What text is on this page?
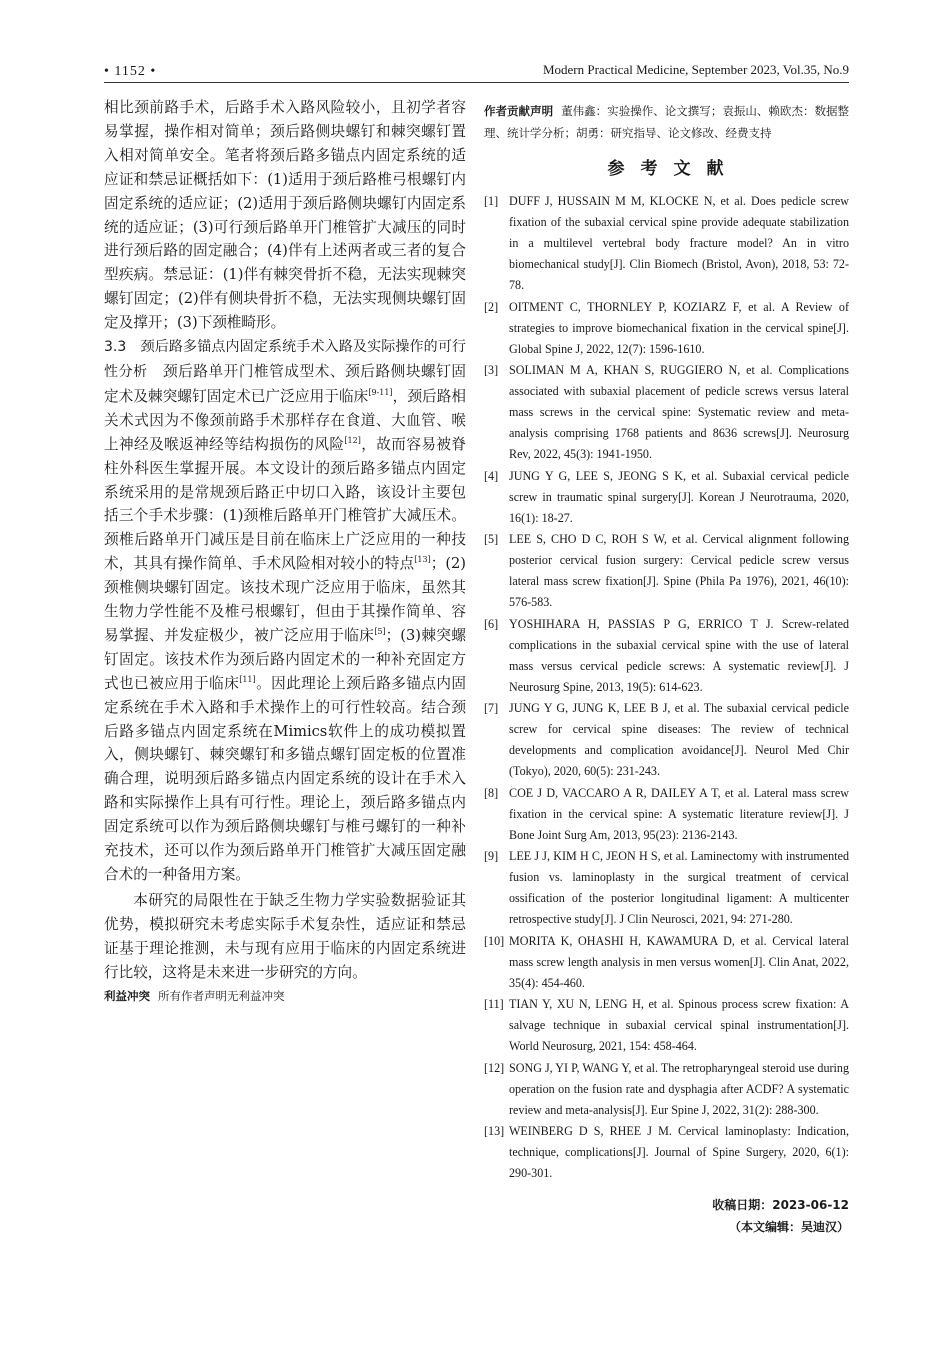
• 1152 •	Modern Practical Medicine, September 2023, Vol.35, No.9

相比颈前路手术，后路手术入路风险较小，且初学者容易掌握，操作相对简单；颈后路侧块螺钉和棘突螺钉置入相对简单安全。笔者将颈后路多锚点内固定系统的适应证和禁忌证概括如下：(1)适用于颈后路椎弓根螺钉内固定系统的适应证；(2)适用于颈后路侧块螺钉内固定系统的适应证；(3)可行颈后路单开门椎管扩大减压的同时进行颈后路的固定融合；(4)伴有上述两者或三者的复合型疾病。禁忌证：(1)伴有棘突骨折不稳，无法实现棘突螺钉固定；(2)伴有侧块骨折不稳，无法实现侧块螺钉固定及撑开；(3)下颈椎畸形。

3.3　颈后路多锚点内固定系统手术入路及实际操作的可行性分析　 颈后路单开门椎管成型术、颈后路侧块螺钉固定术及棘突螺钉固定术已广泛应用于临床[9-11]，颈后路相关术式因为不像颈前路手术那样存在食道、大血管、喉上神经及喉返神经等结构损伤的风险[12]，故而容易被脊柱外科医生掌握开展。本文设计的颈后路多锚点内固定系统采用的是常规颈后路正中切口入路，该设计主要包括三个手术步骤：(1)颈椎后路单开门椎管扩大减压术。颈椎后路单开门减压是目前在临床上广泛应用的一种技术，其具有操作简单、手术风险相对较小的特点[13]；(2)颈椎侧块螺钉固定。该技术现广泛应用于临床，虽然其生物力学性能不及椎弓根螺钉，但由于其操作简单、容易掌握、并发症极少，被广泛应用于临床[5]；(3)棘突螺钉固定。该技术作为颈后路内固定术的一种补充固定方式也已被应用于临床[11]。因此理论上颈后路多锚点内固定系统在手术入路和手术操作上的可行性较高。结合颈后路多锚点内固定系统在Mimics软件上的成功模拟置入，侧块螺钉、棘突螺钉和多锚点螺钉固定板的位置准确合理，说明颈后路多锚点内固定系统的设计在手术入路和实际操作上具有可行性。理论上，颈后路多锚点内固定系统可以作为颈后路侧块螺钉与椎弓螺钉的一种补充技术，还可以作为颈后路单开门椎管扩大减压固定融合术的一种备用方案。

本研究的局限性在于缺乏生物力学实验数据验证其优势，模拟研究未考虑实际手术复杂性，适应证和禁忌证基于理论推测，未与现有应用于临床的内固定系统进行比较，这将是未来进一步研究的方向。

利益冲突 所有作者声明无利益冲突
作者贡献声明 董伟鑫：实验操作、论文撰写；袁振山、赖欧杰：数据整理、统计学分析；胡勇：研究指导、论文修改、经费支持
参考文献
[1] DUFF J, HUSSAIN M M, KLOCKE N, et al. Does pedicle screw fixation of the subaxial cervical spine provide adequate stabilization in a multilevel vertebral body fracture model? An in vitro biomechanical study[J]. Clin Biomech (Bristol, Avon), 2018, 53: 72-78.
[2] OITMENT C, THORNLEY P, KOZIARZ F, et al. A Review of strategies to improve biomechanical fixation in the cervical spine[J]. Global Spine J, 2022, 12(7): 1596-1610.
[3] SOLIMAN M A, KHAN S, RUGGIERO N, et al. Complications associated with subaxial placement of pedicle screws versus lateral mass screws in the cervical spine: Systematic review and meta-analysis comprising 1768 patients and 8636 screws[J]. Neurosurg Rev, 2022, 45(3): 1941-1950.
[4] JUNG Y G, LEE S, JEONG S K, et al. Subaxial cervical pedicle screw in traumatic spinal surgery[J]. Korean J Neurotrauma, 2020, 16(1): 18-27.
[5] LEE S, CHO D C, ROH S W, et al. Cervical alignment following posterior cervical fusion surgery: Cervical pedicle screw versus lateral mass screw fixation[J]. Spine (Phila Pa 1976), 2021, 46(10): 576-583.
[6] YOSHIHARA H, PASSIAS P G, ERRICO T J. Screw-related complications in the subaxial cervical spine with the use of lateral mass versus cervical pedicle screws: A systematic review[J]. J Neurosurg Spine, 2013, 19(5): 614-623.
[7] JUNG Y G, JUNG K, LEE B J, et al. The subaxial cervical pedicle screw for cervical spine diseases: The review of technical developments and complication avoidance[J]. Neurol Med Chir (Tokyo), 2020, 60(5): 231-243.
[8] COE J D, VACCARO A R, DAILEY A T, et al. Lateral mass screw fixation in the cervical spine: A systematic literature review[J]. J Bone Joint Surg Am, 2013, 95(23): 2136-2143.
[9] LEE J J, KIM H C, JEON H S, et al. Laminectomy with instrumented fusion vs. laminoplasty in the surgical treatment of cervical ossification of the posterior longitudinal ligament: A multicenter retrospective study[J]. J Clin Neurosci, 2021, 94: 271-280.
[10] MORITA K, OHASHI H, KAWAMURA D, et al. Cervical lateral mass screw length analysis in men versus women[J]. Clin Anat, 2022, 35(4): 454-460.
[11] TIAN Y, XU N, LENG H, et al. Spinous process screw fixation: A salvage technique in subaxial cervical spinal instrumentation[J]. World Neurosurg, 2021, 154: 458-464.
[12] SONG J, YI P, WANG Y, et al. The retropharyngeal steroid use during operation on the fusion rate and dysphagia after ACDF? A systematic review and meta-analysis[J]. Eur Spine J, 2022, 31(2): 288-300.
[13] WEINBERG D S, RHEE J M. Cervical laminoplasty: Indication, technique, complications[J]. Journal of Spine Surgery, 2020, 6(1): 290-301.
收稿日期：2023-06-12
（本文编辑：吴迪汉）
